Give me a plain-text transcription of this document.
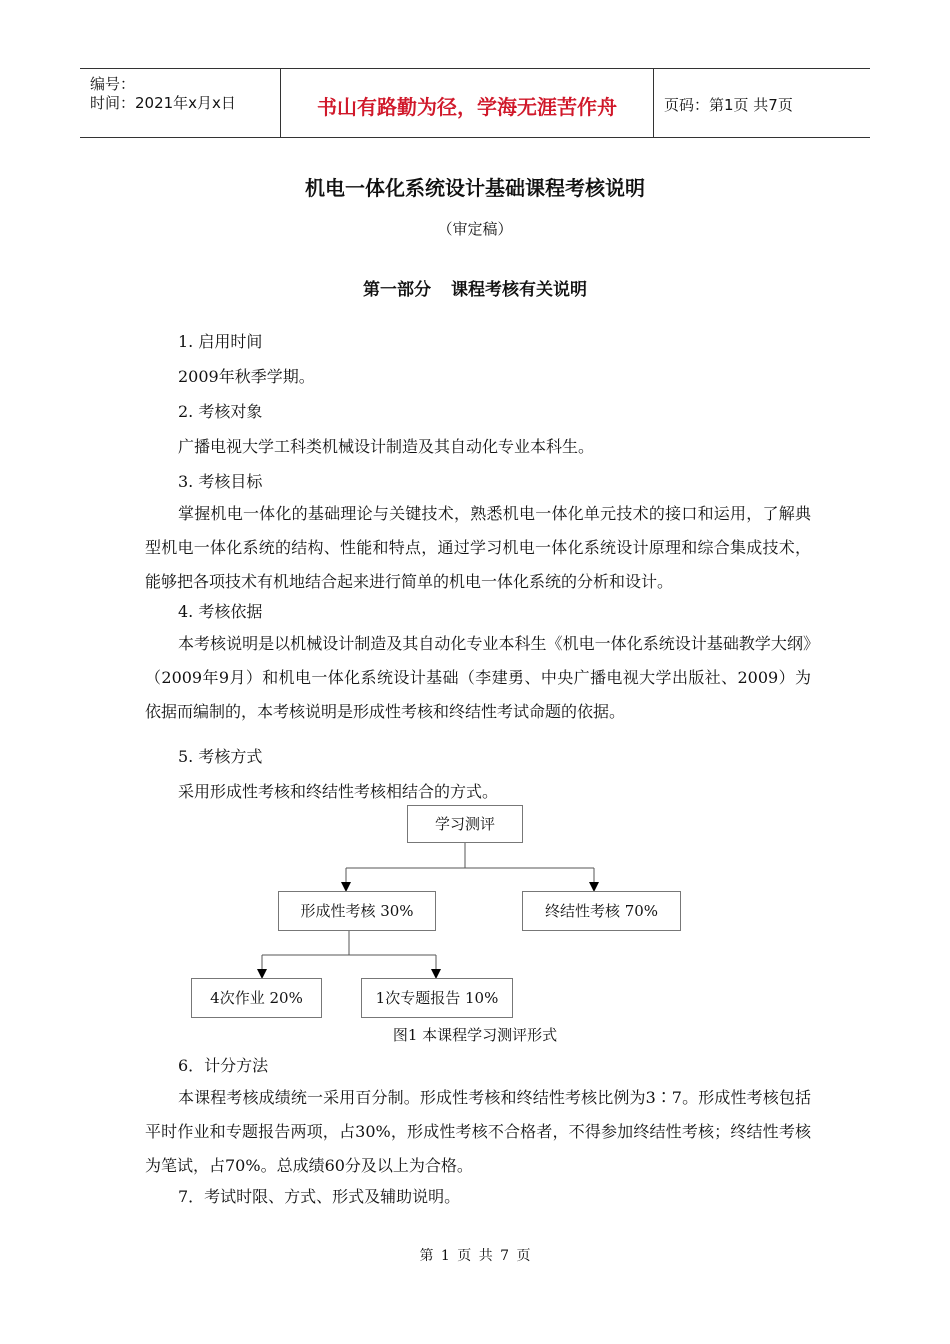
编号：
时间：2021年x月x日	书山有路勤为径，学海无涯苦作舟	页码：第1页 共7页
机电一体化系统设计基础课程考核说明
（审定稿）
第一部分 课程考核有关说明
1. 启用时间
2009年秋季学期。
2. 考核对象
广播电视大学工科类机械设计制造及其自动化专业本科生。
3. 考核目标
掌握机电一体化的基础理论与关键技术，熟悉机电一体化单元技术的接口和运用，了解典型机电一体化系统的结构、性能和特点，通过学习机电一体化系统设计原理和综合集成技术，能够把各项技术有机地结合起来进行简单的机电一体化系统的分析和设计。
4. 考核依据
本考核说明是以机械设计制造及其自动化专业本科生《机电一体化系统设计基础教学大纲》（2009年9月）和机电一体化系统设计基础（李建勇、中央广播电视大学出版社、2009）为依据而编制的，本考核说明是形成性考核和终结性考试命题的依据。
5. 考核方式
采用形成性考核和终结性考核相结合的方式。
学习测评
形成性考核 30%	终结性考核 70%
4次作业 20%	1次专题报告 10%
图1 本课程学习测评形式
6．计分方法
本课程考核成绩统一采用百分制。形成性考核和终结性考核比例为3∶7。形成性考核包括平时作业和专题报告两项，占30%，形成性考核不合格者，不得参加终结性考核；终结性考核为笔试，占70%。总成绩60分及以上为合格。
7．考试时限、方式、形式及辅助说明。
第 1 页 共 7 页
